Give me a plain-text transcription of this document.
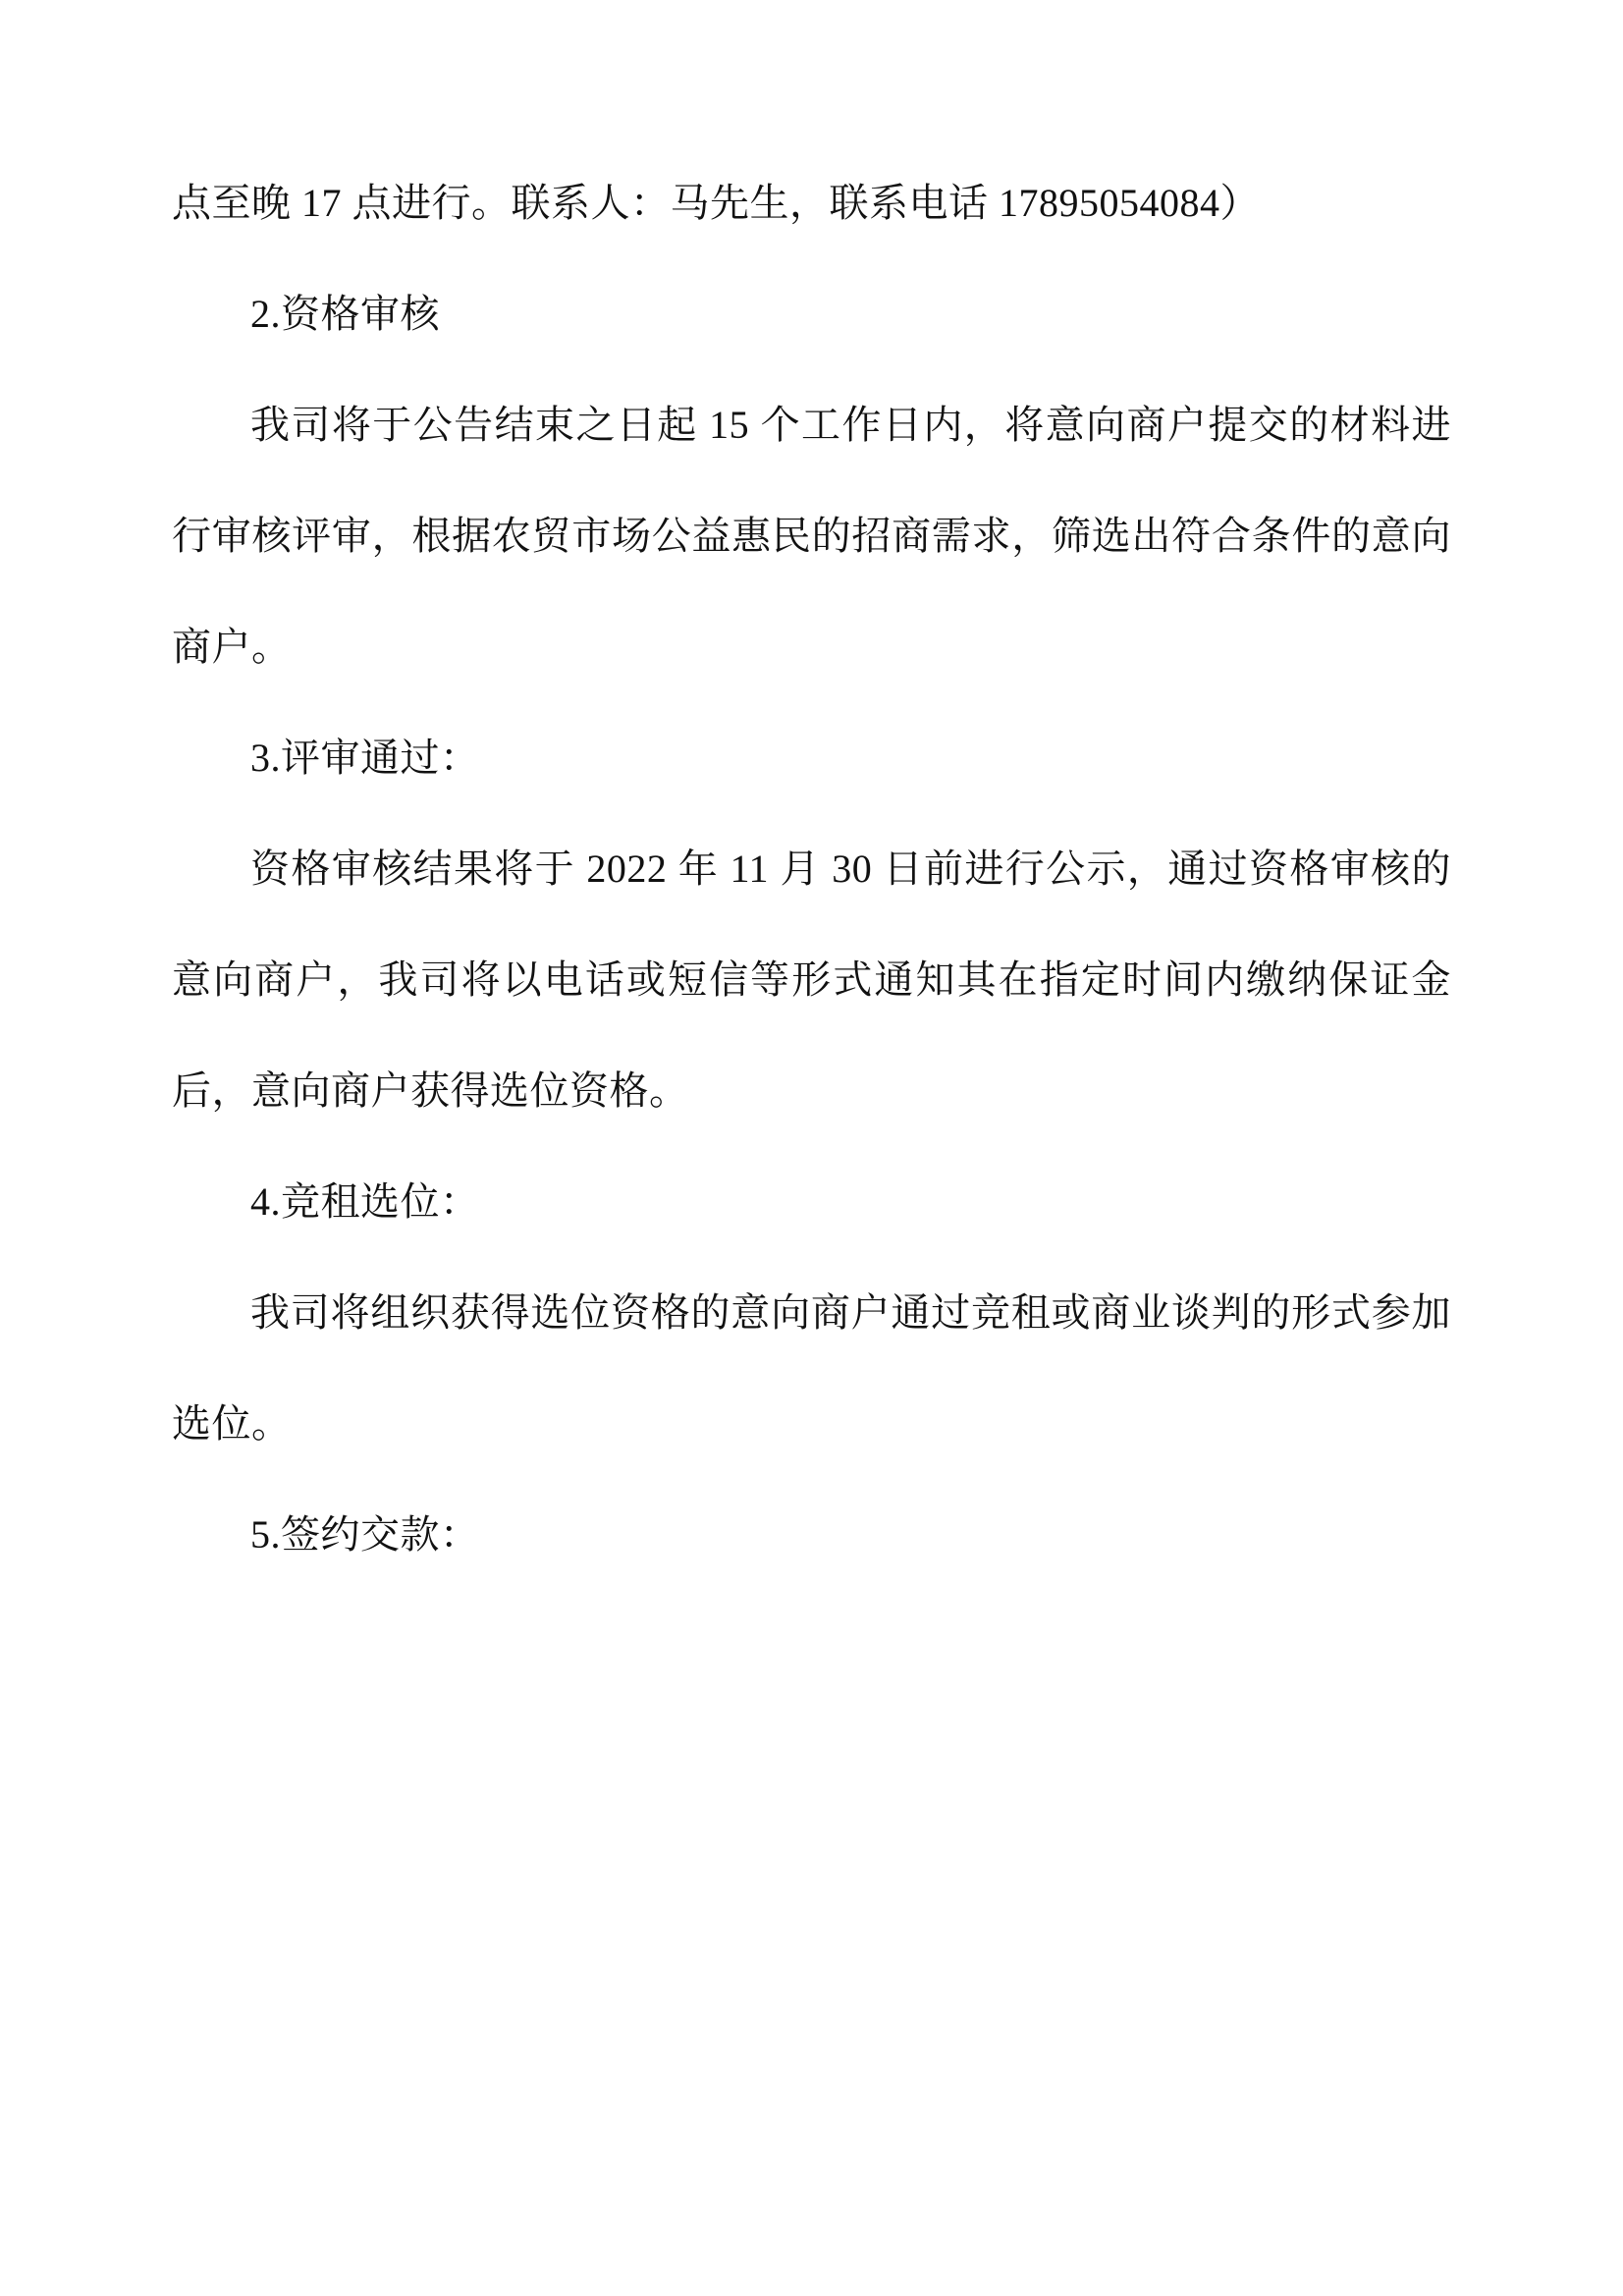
点至晚 17 点进行。联系人：马先生，联系电话 17895054084）

2.资格审核

我司将于公告结束之日起 15 个工作日内，将意向商户提交的材料进行审核评审，根据农贸市场公益惠民的招商需求，筛选出符合条件的意向商户。

3.评审通过：

资格审核结果将于 2022 年 11 月 30 日前进行公示，通过资格审核的意向商户，我司将以电话或短信等形式通知其在指定时间内缴纳保证金后，意向商户获得选位资格。

4.竞租选位：

我司将组织获得选位资格的意向商户通过竞租或商业谈判的形式参加选位。

5.签约交款：
